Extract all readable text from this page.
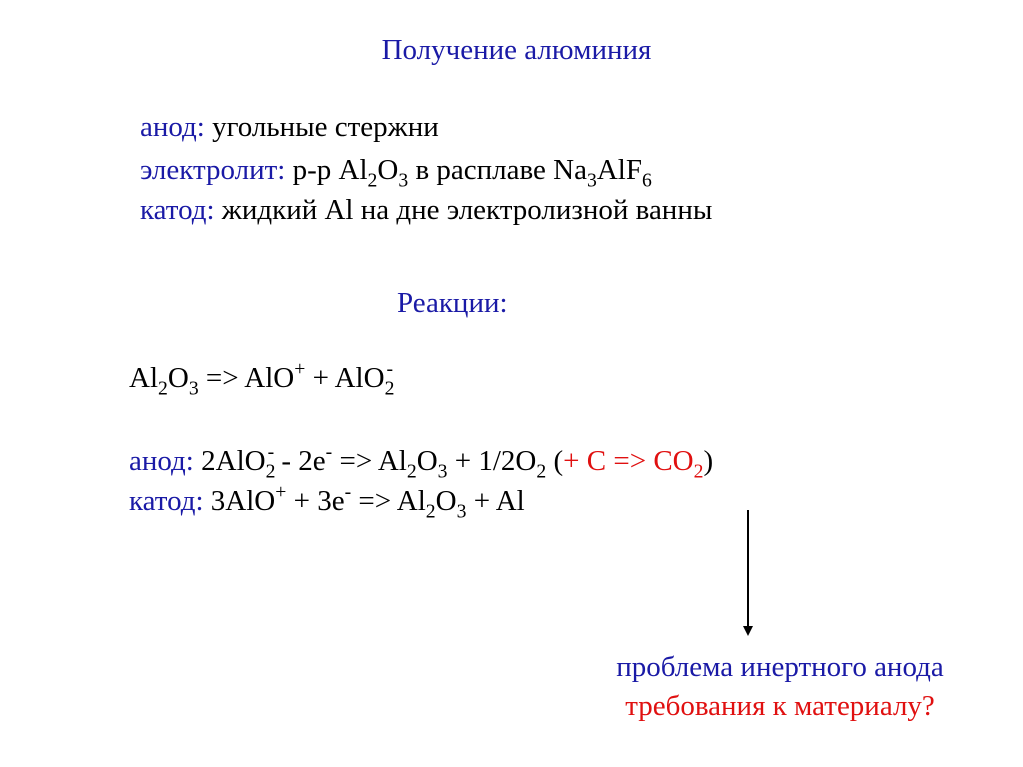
Получение алюминия
анод: угольные стержни
электролит: р-р $Al_2O_3$ в расплаве $Na_3AlF_6$
катод: жидкий Al на дне электролизной ванны
Реакции:
$Al_2O_3 => AlO^+ + AlO_2^-$
анод: $2AlO_2^- - 2e^- => Al_2O_3 + 1/2O_2$ (+ $C => CO_2$)
катод: $3AlO^+ + 3e^- => Al_2O_3 + Al$
проблема инертного анода
требования к материалу?
